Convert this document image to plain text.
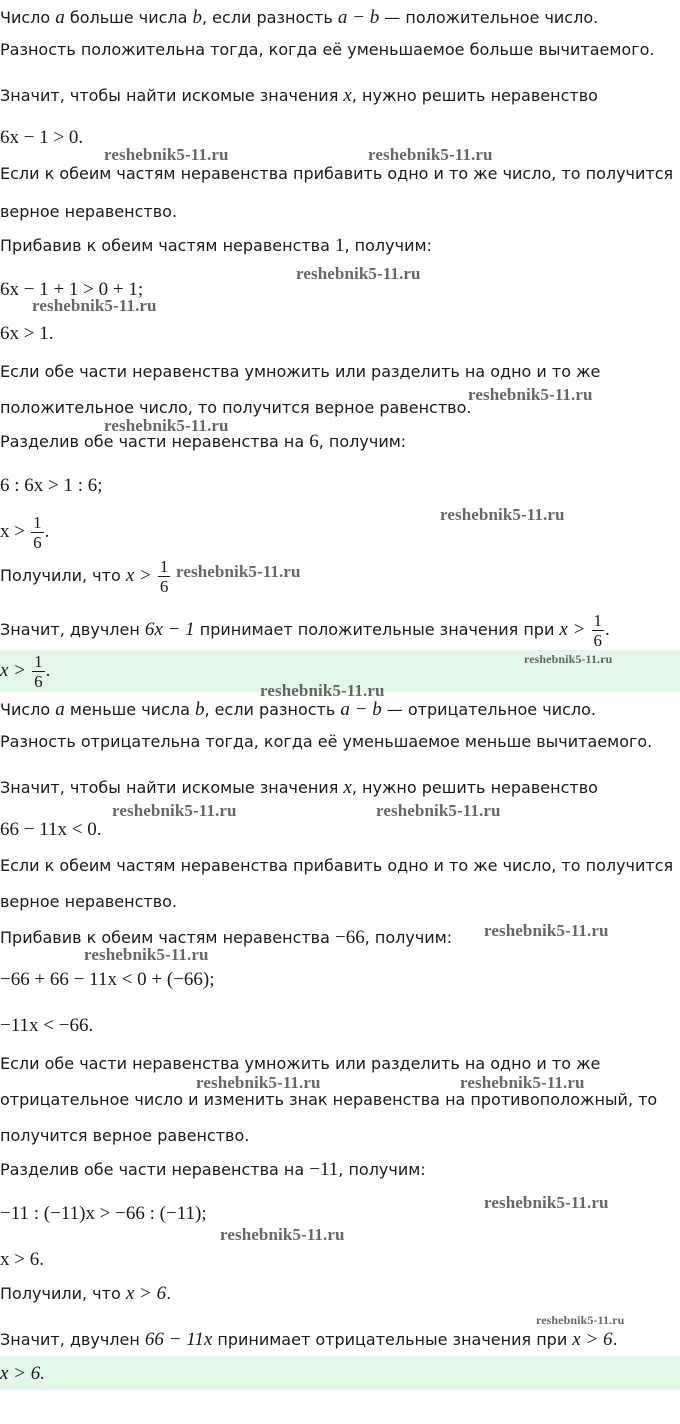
Число a больше числа b, если разность a − b — положительное число.
Разность положительна тогда, когда её уменьшаемое больше вычитаемого.
Значит, чтобы найти искомые значения x, нужно решить неравенство
6x − 1 > 0.
Если к обеим частям неравенства прибавить одно и то же число, то получится
верное неравенство.
Прибавив к обеим частям неравенства 1, получим:
6x − 1 + 1 > 0 + 1;
6x > 1.
Если обе части неравенства умножить или разделить на одно и то же
положительное число, то получится верное равенство.
Разделив обе части неравенства на 6, получим:
6 : 6x > 1 : 6;
$x > \frac{1}{6}$ .
Получили, что $x > \frac{1}{6}$
Значит, двучлен 6x − 1 принимает положительные значения при $x > \frac{1}{6}$ .
$x > \frac{1}{6}$ .
Число a меньше числа b, если разность a − b — отрицательное число.
Разность отрицательна тогда, когда её уменьшаемое меньше вычитаемого.
Значит, чтобы найти искомые значения x, нужно решить неравенство
66 − 11x < 0.
Если к обеим частям неравенства прибавить одно и то же число, то получится
верное неравенство.
Прибавив к обеим частям неравенства −66, получим:
−66 + 66 − 11x < 0 + (−66);
−11x < −66.
Если обе части неравенства умножить или разделить на одно и то же
отрицательное число и изменить знак неравенства на противоположный, то
получится верное равенство.
Разделив обе части неравенства на −11, получим:
−11 : (−11)x > −66 : (−11);
x > 6.
Получили, что x > 6.
Значит, двучлен 66 − 11x принимает отрицательные значения при x > 6.
x > 6.
reshebnik5-11.ru	reshebnik5-11.ru
reshebnik5-11.ru
reshebnik5-11.ru
reshebnik5-11.ru
reshebnik5-11.ru
reshebnik5-11.ru
reshebnik5-11.ru
reshebnik5-11.ru
reshebnik5-11.ru
reshebnik5-11.ru	reshebnik5-11.ru
reshebnik5-11.ru
reshebnik5-11.ru
reshebnik5-11.ru	reshebnik5-11.ru
reshebnik5-11.ru
reshebnik5-11.ru
reshebnik5-11.ru
